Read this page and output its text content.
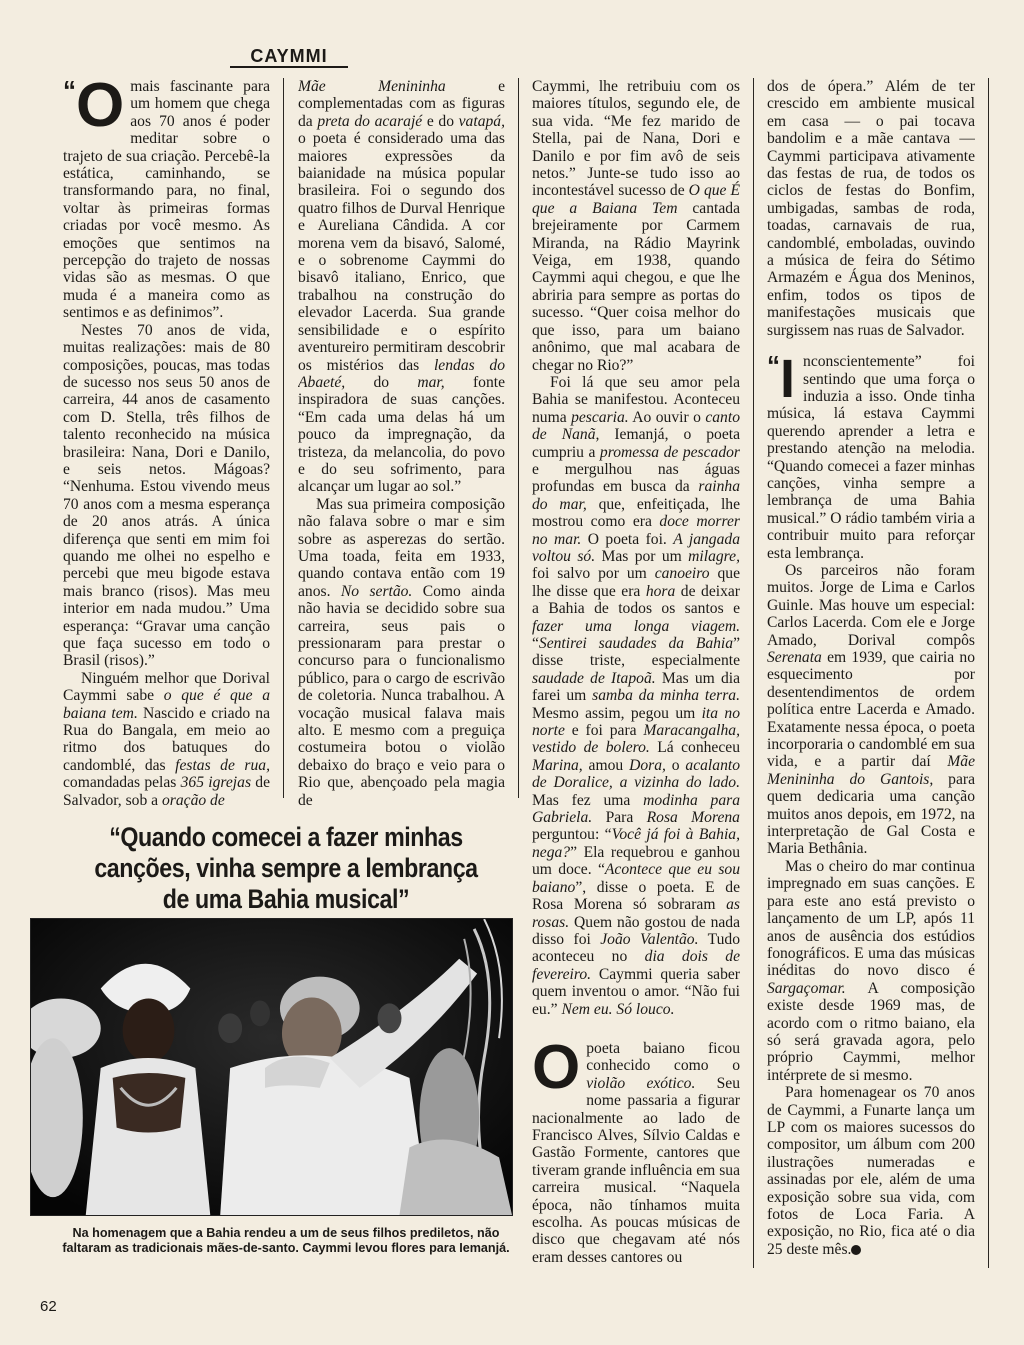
CAYMMI

“O mais fascinante para um homem que chega aos 70 anos é poder meditar sobre o trajeto de sua criação. Percebê-la estática, caminhando, se transformando para, no final, voltar às primeiras formas criadas por você mesmo. As emoções que sentimos na percepção do trajeto de nossas vidas são as mesmas. O que muda é a maneira como as sentimos e as definimos”.

Nestes 70 anos de vida, muitas realizações: mais de 80 composições, poucas, mas todas de sucesso nos seus 50 anos de carreira, 44 anos de casamento com D. Stella, três filhos de talento reconhecido na música brasileira: Nana, Dori e Danilo, e seis netos. Mágoas? “Nenhuma. Estou vivendo meus 70 anos com a mesma esperança de 20 anos atrás. A única diferença que senti em mim foi quando me olhei no espelho e percebi que meu bigode estava mais branco (risos). Mas meu interior em nada mudou.” Uma esperança: “Gravar uma canção que faça sucesso em todo o Brasil (risos).”

Ninguém melhor que Dorival Caymmi sabe o que é que a baiana tem. Nascido e criado na Rua do Bangala, em meio ao ritmo dos batuques do candomblé, das festas de rua, comandadas pelas 365 igrejas de Salvador, sob a oração de

Mãe Menininha e complementadas com as figuras da preta do acarajé e do vatapá, o poeta é considerado uma das maiores expressões da baianidade na música popular brasileira. Foi o segundo dos quatro filhos de Durval Henrique e Aureliana Cândida. A cor morena vem da bisavó, Salomé, e o sobrenome Caymmi do bisavô italiano, Enrico, que trabalhou na construção do elevador Lacerda. Sua grande sensibilidade e o espírito aventureiro permitiram descobrir os mistérios das lendas do Abaeté, do mar, fonte inspiradora de suas canções. “Em cada uma delas há um pouco da impregnação, da tristeza, da melancolia, do povo e do seu sofrimento, para alcançar um lugar ao sol.”

Mas sua primeira composição não falava sobre o mar e sim sobre as asperezas do sertão. Uma toada, feita em 1933, quando contava então com 19 anos. No sertão. Como ainda não havia se decidido sobre sua carreira, seus pais o pressionaram para prestar o concurso para o funcionalismo público, para o cargo de escrivão de coletoria. Nunca trabalhou. A vocação musical falava mais alto. E mesmo com a preguiça costumeira botou o violão debaixo do braço e veio para o Rio que, abençoado pela magia de

“Quando comecei a fazer minhas canções, vinha sempre a lembrança de uma Bahia musical”
Na homenagem que a Bahia rendeu a um de seus filhos prediletos, não faltaram as tradicionais mães-de-santo. Caymmi levou flores para Iemanjá.

Caymmi, lhe retribuiu com os maiores títulos, segundo ele, de sua vida. “Me fez marido de Stella, pai de Nana, Dori e Danilo e por fim avô de seis netos.” Junte-se tudo isso ao incontestável sucesso de O que É que a Baiana Tem cantada brejeiramente por Carmem Miranda, na Rádio Mayrink Veiga, em 1938, quando Caymmi aqui chegou, e que lhe abriria para sempre as portas do sucesso. “Quer coisa melhor do que isso, para um baiano anônimo, que mal acabara de chegar no Rio?”

Foi lá que seu amor pela Bahia se manifestou. Aconteceu numa pescaria. Ao ouvir o canto de Nanã, Iemanjá, o poeta cumpriu a promessa de pescador e mergulhou nas águas profundas em busca da rainha do mar, que, enfeitiçada, lhe mostrou como era doce morrer no mar. O poeta foi. A jangada voltou só. Mas por um milagre, foi salvo por um canoeiro que lhe disse que era hora de deixar a Bahia de todos os santos e fazer uma longa viagem. “Sentirei saudades da Bahia” disse triste, especialmente saudade de Itapoã. Mas um dia farei um samba da minha terra. Mesmo assim, pegou um ita no norte e foi para Maracangalha, vestido de bolero. Lá conheceu Marina, amou Dora, o acalanto de Doralice, a vizinha do lado. Mas fez uma modinha para Gabriela. Para Rosa Morena perguntou: “Você já foi à Bahia, nega?” Ela requebrou e ganhou um doce. “Acontece que eu sou baiano”, disse o poeta. E de Rosa Morena só sobraram as rosas. Quem não gostou de nada disso foi João Valentão. Tudo aconteceu no dia dois de fevereiro. Caymmi queria saber quem inventou o amor. “Não fui eu.” Nem eu. Só louco.

O poeta baiano ficou conhecido como o violão exótico. Seu nome passaria a figurar nacionalmente ao lado de Francisco Alves, Sílvio Caldas e Gastão Formente, cantores que tiveram grande influência em sua carreira musical. “Naquela época, não tínhamos muita escolha. As poucas músicas de disco que chegavam até nós eram desses cantores ou

dos de ópera.” Além de ter crescido em ambiente musical em casa — o pai tocava bandolim e a mãe cantava — Caymmi participava ativamente das festas de rua, de todos os ciclos de festas do Bonfim, umbigadas, sambas de roda, toadas, carnavais de rua, candomblé, emboladas, ouvindo a música de feira do Sétimo Armazém e Água dos Meninos, enfim, todos os tipos de manifestações musicais que surgissem nas ruas de Salvador.

“I nconscientemente” foi sentindo que uma força o induzia a isso. Onde tinha música, lá estava Caymmi querendo aprender a letra e prestando atenção na melodia. “Quando comecei a fazer minhas canções, vinha sempre a lembrança de uma Bahia musical.” O rádio também viria a contribuir muito para reforçar esta lembrança.

Os parceiros não foram muitos. Jorge de Lima e Carlos Guinle. Mas houve um especial: Carlos Lacerda. Com ele e Jorge Amado, Dorival compôs Serenata em 1939, que cairia no esquecimento por desentendimentos de ordem política entre Lacerda e Amado. Exatamente nessa época, o poeta incorporaria o candomblé em sua vida, e a partir daí Mãe Menininha do Gantois, para quem dedicaria uma canção muitos anos depois, em 1972, na interpretação de Gal Costa e Maria Bethânia.

Mas o cheiro do mar continua impregnado em suas canções. E para este ano está previsto o lançamento de um LP, após 11 anos de ausência dos estúdios fonográficos. E uma das músicas inéditas do novo disco é Sargaçomar. A composição existe desde 1969 mas, de acordo com o ritmo baiano, ela só será gravada agora, pelo próprio Caymmi, melhor intérprete de si mesmo.

Para homenagear os 70 anos de Caymmi, a Funarte lança um LP com os maiores sucessos do compositor, um álbum com 200 ilustrações numeradas e assinadas por ele, além de uma exposição sobre sua vida, com fotos de Loca Faria. A exposição, no Rio, fica até o dia 25 deste mês.

62
